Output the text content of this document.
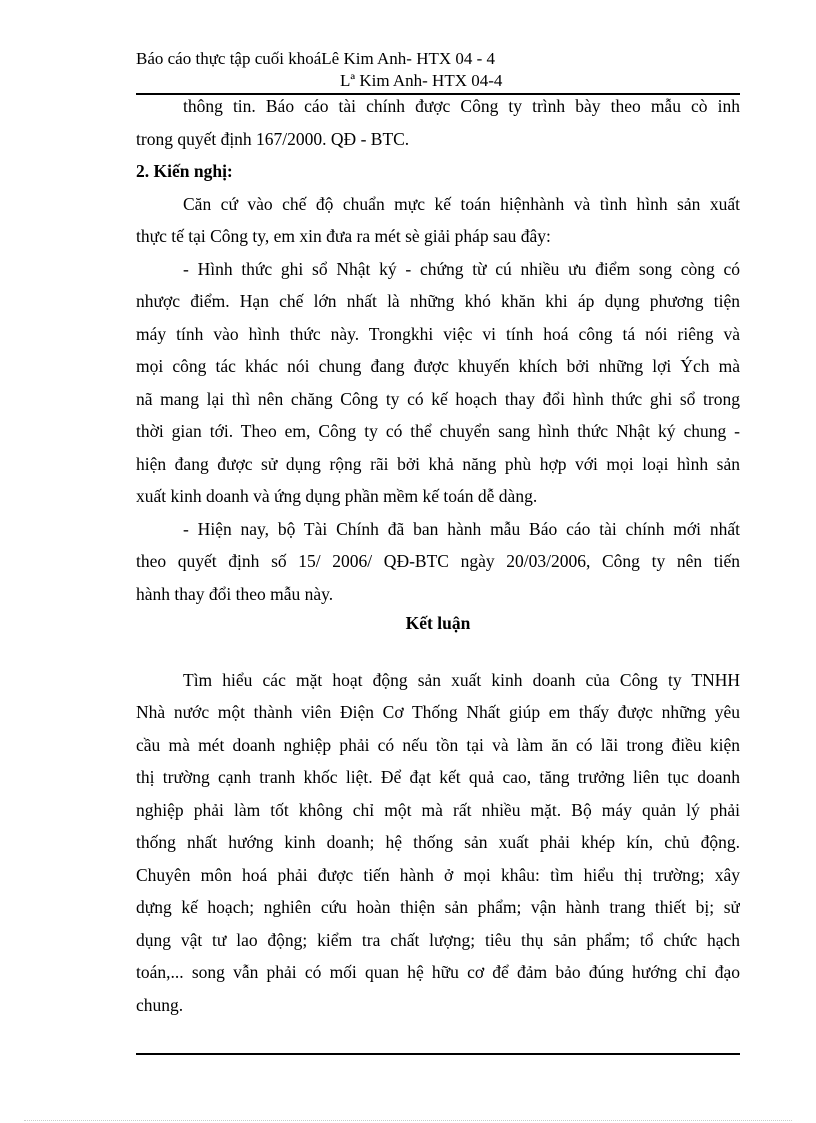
Báo cáo thực tập cuối khoáLê Kim Anh- HTX 04 - 4
Lª Kim Anh- HTX 04-4
thông tin. Báo cáo tài chính được Công ty trình bày theo mẫu cò inh
trong quyết định 167/2000. QĐ - BTC.
2. Kiến nghị:
Căn cứ vào chế độ chuẩn mực kế toán hiệnhành và tình hình sản xuất
thực tế tại Công ty, em xin đưa ra mét sè giải pháp sau đây:
- Hình thức ghi sổ Nhật ký - chứng từ cú nhiều ưu điểm song còng có
nhược điểm. Hạn chế lớn nhất là những khó khăn khi áp dụng phương tiện
máy tính vào hình thức này. Trongkhi việc vi tính hoá công tá nói riêng và
mọi công tác khác nói chung đang được khuyến khích bởi những lợi Ých mà
nã mang lại thì nên chăng Công ty có kế hoạch thay đổi hình thức ghi sổ trong
thời gian tới. Theo em, Công ty có thể chuyển sang hình thức Nhật ký chung -
hiện đang được sử dụng rộng rãi bởi khả năng phù hợp với mọi loại hình sản
xuất kinh doanh và ứng dụng phần mềm kế toán dễ dàng.
- Hiện nay, bộ Tài Chính đã ban hành mẫu Báo cáo tài chính mới nhất
theo quyết định số 15/ 2006/ QĐ-BTC ngày 20/03/2006, Công ty nên tiến
hành thay đổi theo mẫu này.
Kết luận
Tìm hiểu các mặt hoạt động sản xuất kinh doanh của Công ty TNHH
Nhà nước một thành viên Điện Cơ Thống Nhất giúp em thấy được những yêu
cầu mà mét doanh nghiệp phải có nếu tồn tại và làm ăn có lãi trong điều kiện
thị trường cạnh tranh khốc liệt. Để đạt kết quả cao, tăng trưởng liên tục doanh
nghiệp phải làm tốt không chỉ một mà rất nhiều mặt. Bộ máy quản lý phải
thống nhất hướng kinh doanh; hệ thống sản xuất phải khép kín, chủ động.
Chuyên môn hoá phải được tiến hành ở mọi khâu: tìm hiểu thị trường; xây
dựng kế hoạch; nghiên cứu hoàn thiện sản phẩm; vận hành trang thiết bị; sử
dụng vật tư lao động; kiểm tra chất lượng; tiêu thụ sản phẩm; tổ chức hạch
toán,... song vẫn phải có mối quan hệ hữu cơ để đảm bảo đúng hướng chỉ đạo
chung.
